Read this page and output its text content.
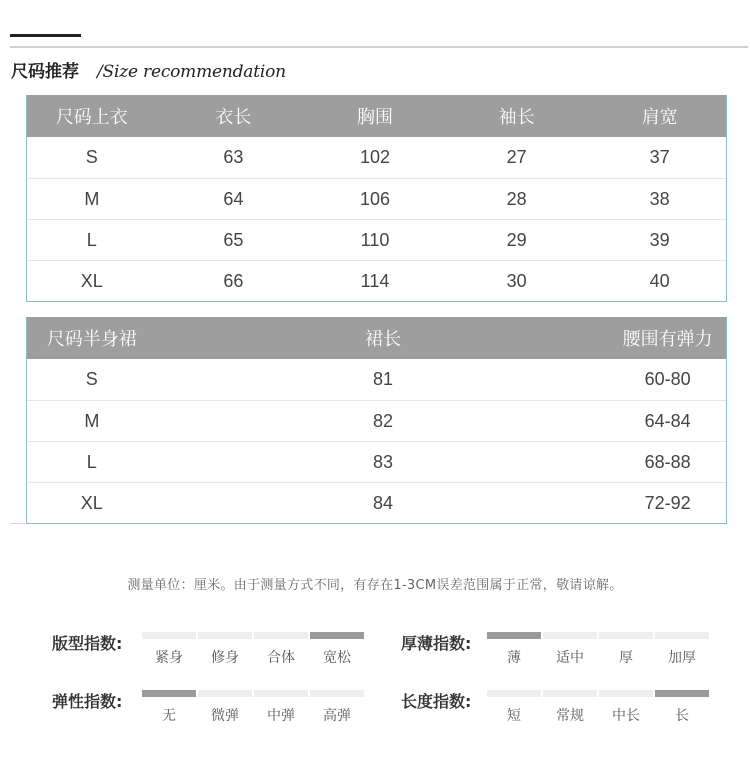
尺码推荐 /Size recommendation
尺码上衣	衣长	胸围	袖长	肩宽
S	63	102	27	37
M	64	106	28	38
L	65	110	29	39
XL	66	114	30	40
尺码半身裙	裙长	腰围有弹力
S	81	60-80
M	82	64-84
L	83	68-88
XL	84	72-92
测量单位：厘米。由于测量方式不同，有存在1-3CM误差范围属于正常，敬请谅解。
版型指数:
紧身	修身	合体	宽松
厚薄指数:
薄	适中	厚	加厚
弹性指数:
无	微弹	中弹	高弹
长度指数:
短	常规	中长	长
